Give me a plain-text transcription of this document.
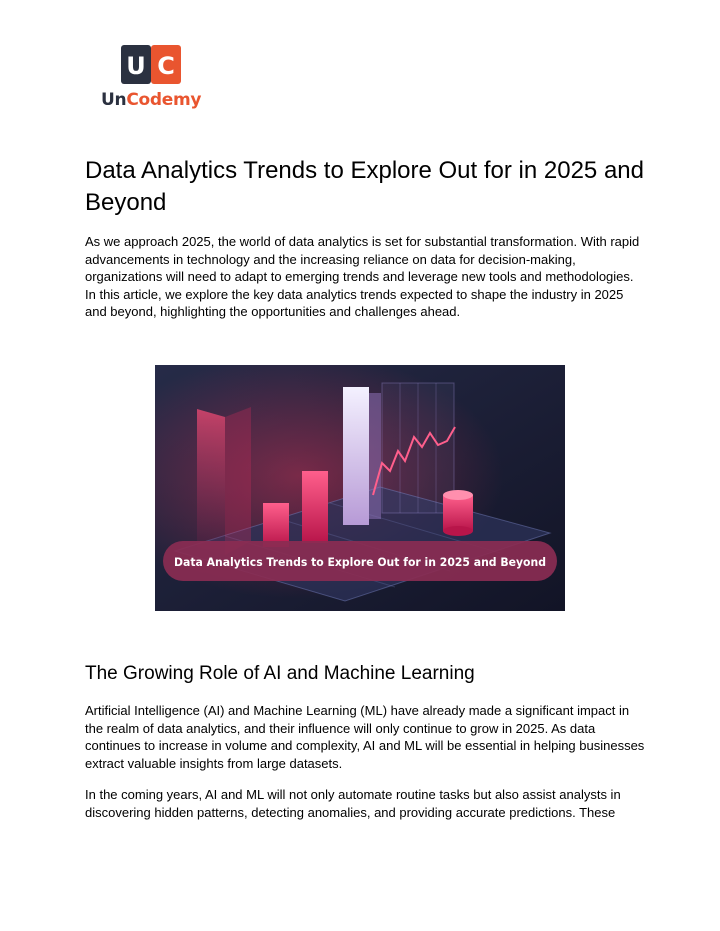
U C
UnCodemy
Data Analytics Trends to Explore Out for in 2025 and Beyond

As we approach 2025, the world of data analytics is set for substantial transformation. With rapid advancements in technology and the increasing reliance on data for decision-making, organizations will need to adapt to emerging trends and leverage new tools and methodologies. In this article, we explore the key data analytics trends expected to shape the industry in 2025 and beyond, highlighting the opportunities and challenges ahead.

Data Analytics Trends to Explore Out for in 2025 and Beyond
The Growing Role of AI and Machine Learning

Artificial Intelligence (AI) and Machine Learning (ML) have already made a significant impact in the realm of data analytics, and their influence will only continue to grow in 2025. As data continues to increase in volume and complexity, AI and ML will be essential in helping businesses extract valuable insights from large datasets.

In the coming years, AI and ML will not only automate routine tasks but also assist analysts in discovering hidden patterns, detecting anomalies, and providing accurate predictions. These
